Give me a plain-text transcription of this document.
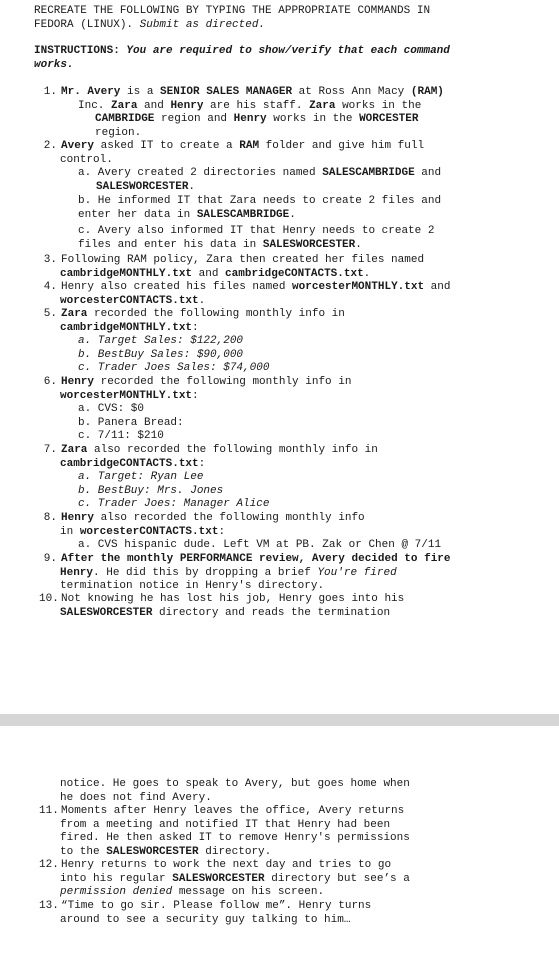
RECREATE THE FOLLOWING BY TYPING THE APPROPRIATE COMMANDS IN
FEDORA (LINUX). Submit as directed.
INSTRUCTIONS: You are required to show/verify that each command
works.
1. Mr. Avery is a SENIOR SALES MANAGER at Ross Ann Macy (RAM)
Inc. Zara and Henry are his staff. Zara works in the
CAMBRIDGE region and Henry works in the WORCESTER
region.
2. Avery asked IT to create a RAM folder and give him full
control.
a. Avery created 2 directories named SALESCAMBRIDGE and
SALESWORCESTER.
b. He informed IT that Zara needs to create 2 files and
enter her data in SALESCAMBRIDGE.
c. Avery also informed IT that Henry needs to create 2
files and enter his data in SALESWORCESTER.
3. Following RAM policy, Zara then created her files named
cambridgeMONTHLY.txt and cambridgeCONTACTS.txt.
4. Henry also created his files named worcesterMONTHLY.txt and
worcesterCONTACTS.txt.
5. Zara recorded the following monthly info in
cambridgeMONTHLY.txt:
a. Target Sales: $122,200
b. BestBuy Sales: $90,000
c. Trader Joes Sales: $74,000
6. Henry recorded the following monthly info in
worcesterMONTHLY.txt:
a. CVS: $0
b. Panera Bread:
c. 7/11: $210
7. Zara also recorded the following monthly info in
cambridgeCONTACTS.txt:
a. Target: Ryan Lee
b. BestBuy: Mrs. Jones
c. Trader Joes: Manager Alice
8. Henry also recorded the following monthly info
in worcesterCONTACTS.txt:
a. CVS hispanic dude. Left VM at PB. Zak or Chen @ 7/11
9. After the monthly PERFORMANCE review, Avery decided to fire
Henry. He did this by dropping a brief You're fired
termination notice in Henry's directory.
10. Not knowing he has lost his job, Henry goes into his
SALESWORCESTER directory and reads the termination
notice. He goes to speak to Avery, but goes home when
he does not find Avery.
11. Moments after Henry leaves the office, Avery returns
from a meeting and notified IT that Henry had been
fired. He then asked IT to remove Henry's permissions
to the SALESWORCESTER directory.
12. Henry returns to work the next day and tries to go
into his regular SALESWORCESTER directory but see’s a
permission denied message on his screen.
13. “Time to go sir. Please follow me”. Henry turns
around to see a security guy talking to him…
